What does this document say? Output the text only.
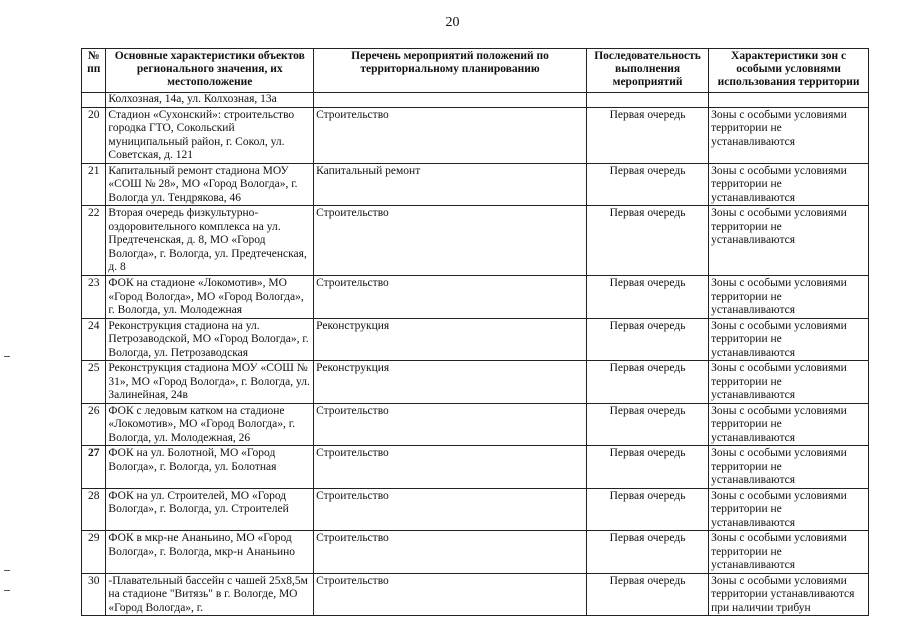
20
№ пп	Основные характеристики объектов регионального значения, их местоположение	Перечень мероприятий положений по территориальному планированию	Последовательность выполнения мероприятий	Характеристики зон с особыми условиями использования территории
	Колхозная, 14а, ул. Колхозная, 13а			
20	Стадион «Сухонский»: строительство городка ГТО, Сокольский муниципальный район, г. Сокол, ул. Советская, д. 121	Строительство	Первая очередь	Зоны с особыми условиями территории не устанавливаются
21	Капитальный ремонт стадиона МОУ «СОШ № 28», МО «Город Вологда», г. Вологда ул. Тендрякова, 46	Капитальный ремонт	Первая очередь	Зоны с особыми условиями территории не устанавливаются
22	Вторая очередь физкультурно-оздоровительного комплекса на ул. Предтеченская, д. 8, МО «Город Вологда», г. Вологда, ул. Предтеченская, д. 8	Строительство	Первая очередь	Зоны с особыми условиями территории не устанавливаются
23	ФОК на стадионе «Локомотив», МО «Город Вологда», МО «Город Вологда», г. Вологда, ул. Молодежная	Строительство	Первая очередь	Зоны с особыми условиями территории не устанавливаются
24	Реконструкция стадиона на ул. Петрозаводской, МО «Город Вологда», г. Вологда, ул. Петрозаводская	Реконструкция	Первая очередь	Зоны с особыми условиями территории не устанавливаются
25	Реконструкция стадиона МОУ «СОШ № 31», МО «Город Вологда», г. Вологда, ул. Залинейная, 24в	Реконструкция	Первая очередь	Зоны с особыми условиями территории не устанавливаются
26	ФОК с ледовым катком на стадионе «Локомотив», МО «Город Вологда», г. Вологда, ул. Молодежная, 26	Строительство	Первая очередь	Зоны с особыми условиями территории не устанавливаются
27	ФОК на ул. Болотной, МО «Город Вологда», г. Вологда, ул. Болотная	Строительство	Первая очередь	Зоны с особыми условиями территории не устанавливаются
28	ФОК на ул. Строителей, МО «Город Вологда», г. Вологда, ул. Строителей	Строительство	Первая очередь	Зоны с особыми условиями территории не устанавливаются
29	ФОК в мкр-не Ананьино, МО «Город Вологда», г. Вологда, мкр-н Ананьино	Строительство	Первая очередь	Зоны с особыми условиями территории не устанавливаются
30	-Плавательный бассейн с чашей 25х8,5м на стадионе "Витязь" в г. Вологде, МО «Город Вологда», г.	Строительство	Первая очередь	Зоны с особыми условиями территории устанавливаются при наличии трибун
